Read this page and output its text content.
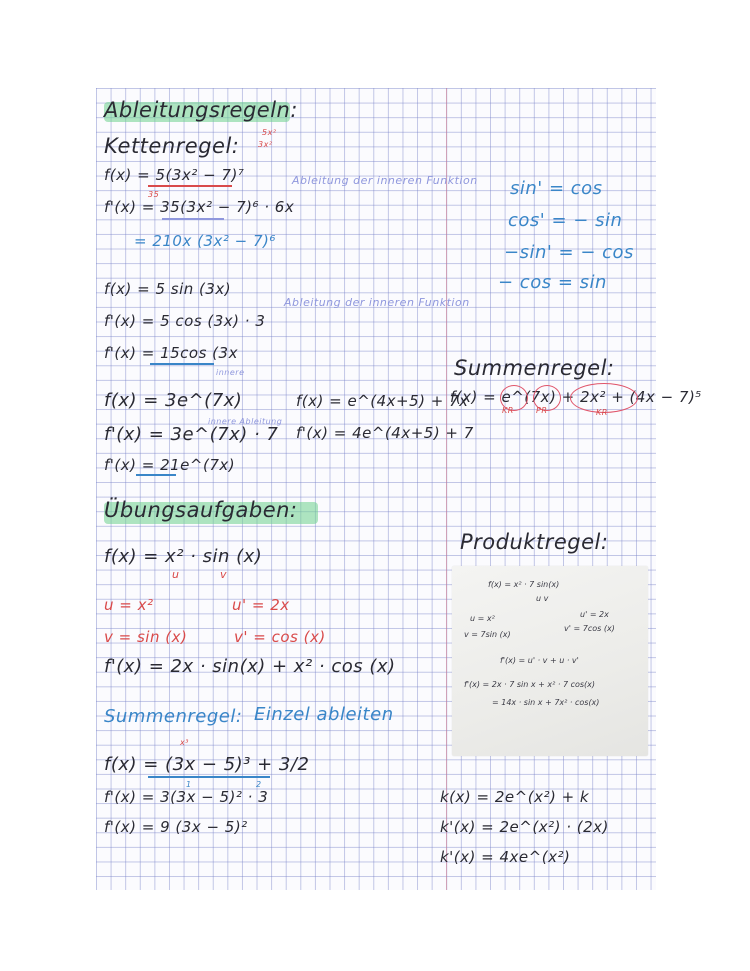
Ableitungsregeln:
Kettenregel:
5x²
3x²
f(x) = 5(3x² − 7)⁷
35
f'(x) = 35(3x² − 7)⁶ · 6x
= 210x (3x² − 7)⁶
Ableitung der inneren Funktion
f(x) = 5 sin (3x)
f'(x) = 5 cos (3x) · 3
f'(x) = 15cos (3x
Ableitung der inneren Funktion
innere
f(x) = 3e^(7x)
f'(x) = 3e^(7x) · 7
f'(x) = 21e^(7x)
innere Ableitung
f(x) = e^(4x+5) + 7x
f'(x) = 4e^(4x+5) + 7
sin' = cos
cos' = − sin
−sin' = − cos
− cos = sin
Summenregel:
f(x) = e^(7x) + 2x² + (4x − 7)⁵
KR	PR	KR
Übungsaufgaben:
f(x) = x² · sin (x)
u	v
u = x²	u' = 2x
v = sin (x)	v' = cos (x)
f'(x) = 2x · sin(x) + x² · cos (x)
Summenregel: Einzel ableiten
x³
f(x) = (3x − 5)³ + 3/2
1	2
f'(x) = 3(3x − 5)² · 3
f'(x) = 9 (3x − 5)²
Produktregel:
f(x) = x² · 7 sin(x)
u v
u = x²	u' = 2x
v = 7sin (x)
v' = 7cos (x)
f'(x) = u' · v + u · v'
f'(x) = 2x · 7 sin x + x² · 7 cos(x)
= 14x · sin x + 7x² · cos(x)
k(x) = 2e^(x²) + k
k'(x) = 2e^(x²) · (2x)
k'(x) = 4xe^(x²)
